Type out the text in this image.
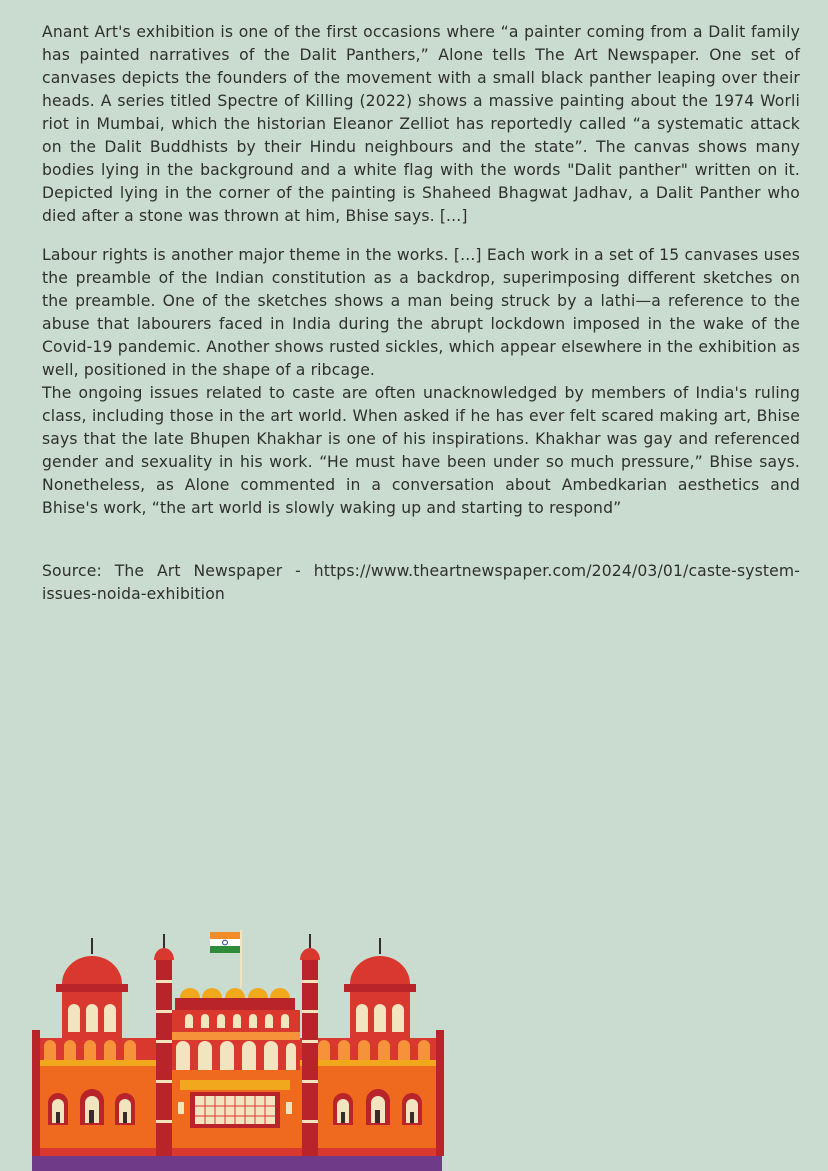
Anant Art's exhibition is one of the first occasions where “a painter coming from a Dalit family has painted narratives of the Dalit Panthers,” Alone tells The Art Newspaper. One set of canvases depicts the founders of the movement with a small black panther leaping over their heads. A series titled Spectre of Killing (2022) shows a massive painting about the 1974 Worli riot in Mumbai, which the historian Eleanor Zelliot has reportedly called “a systematic attack on the Dalit Buddhists by their Hindu neighbours and the state”. The canvas shows many bodies lying in the background and a white flag with the words "Dalit panther" written on it. Depicted lying in the corner of the painting is Shaheed Bhagwat Jadhav, a Dalit Panther who died after a stone was thrown at him, Bhise says. [...]

Labour rights is another major theme in the works. [...] Each work in a set of 15 canvases uses the preamble of the Indian constitution as a backdrop, superimposing different sketches on the preamble. One of the sketches shows a man being struck by a lathi—a reference to the abuse that labourers faced in India during the abrupt lockdown imposed in the wake of the Covid-19 pandemic. Another shows rusted sickles, which appear elsewhere in the exhibition as well, positioned in the shape of a ribcage.

The ongoing issues related to caste are often unacknowledged by members of India's ruling class, including those in the art world. When asked if he has ever felt scared making art, Bhise says that the late Bhupen Khakhar is one of his inspirations. Khakhar was gay and referenced gender and sexuality in his work. “He must have been under so much pressure,” Bhise says. Nonetheless, as Alone commented in a conversation about Ambedkarian aesthetics and Bhise's work, “the art world is slowly waking up and starting to respond”

Source: The Art Newspaper - https://www.theartnewspaper.com/2024/03/01/caste-system-issues-noida-exhibition
